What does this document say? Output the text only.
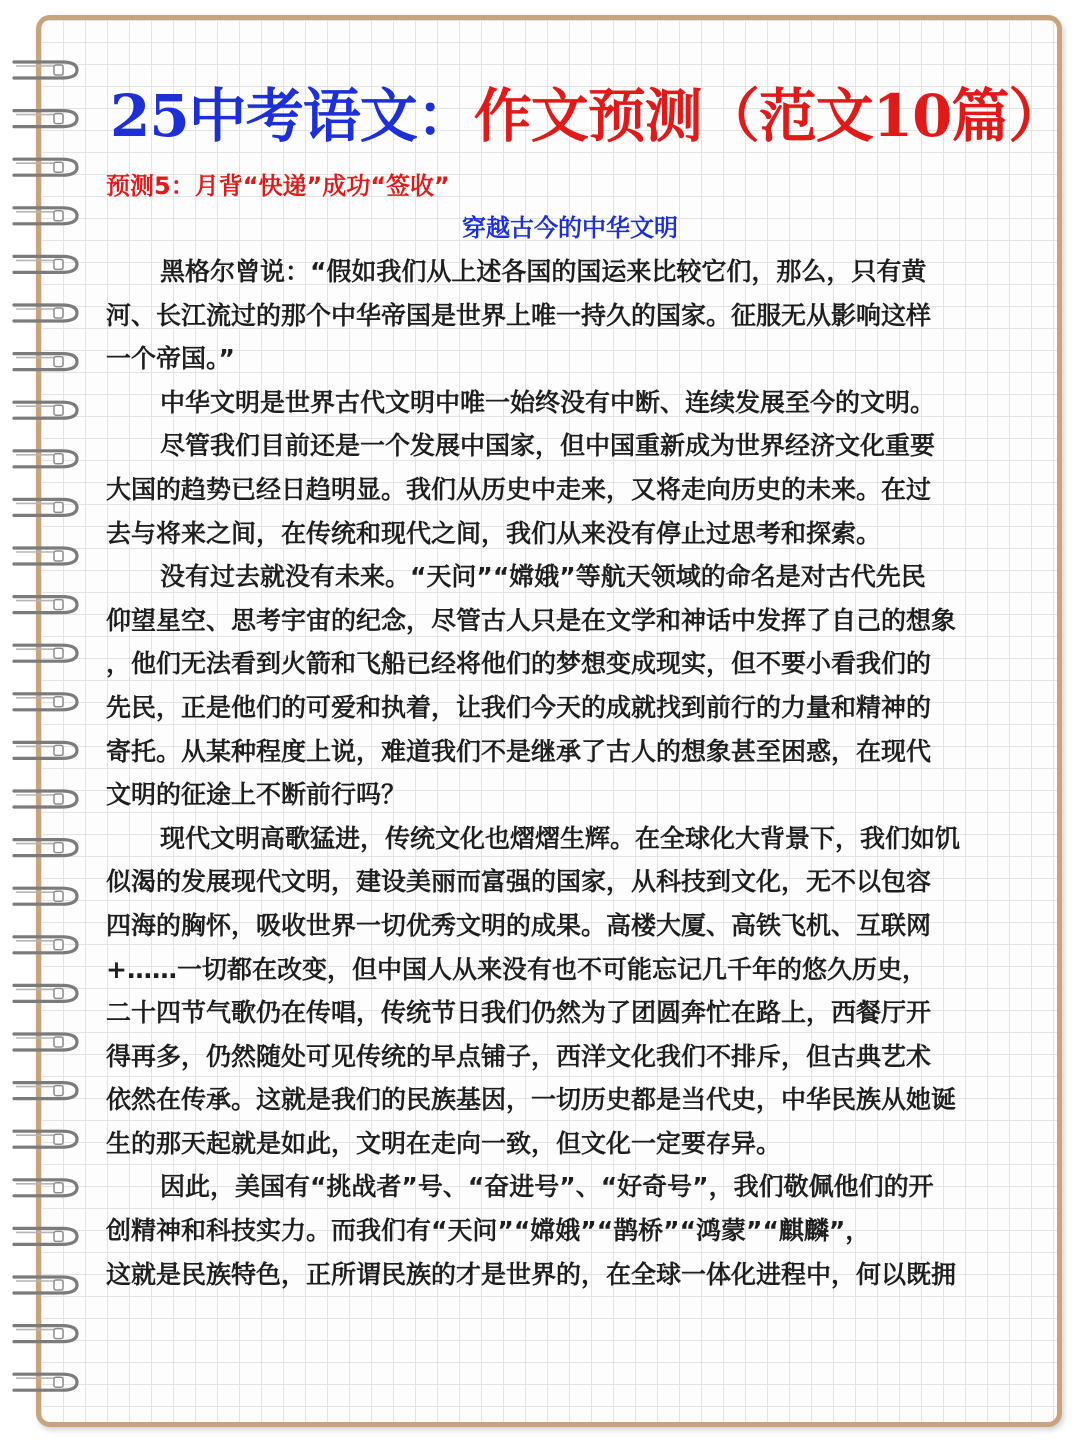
25中考语文：作文预测（范文10篇）
预测5：月背“快递”成功“签收”
穿越古今的中华文明
黑格尔曾说：“假如我们从上述各国的国运来比较它们，那么，只有黄
河、长江流过的那个中华帝国是世界上唯一持久的国家。征服无从影响这样
一个帝国。”
中华文明是世界古代文明中唯一始终没有中断、连续发展至今的文明。
尽管我们目前还是一个发展中国家，但中国重新成为世界经济文化重要
大国的趋势已经日趋明显。我们从历史中走来，又将走向历史的未来。在过
去与将来之间，在传统和现代之间，我们从来没有停止过思考和探索。
没有过去就没有未来。“天问”“嫦娥”等航天领域的命名是对古代先民
仰望星空、思考宇宙的纪念，尽管古人只是在文学和神话中发挥了自己的想象
，他们无法看到火箭和飞船已经将他们的梦想变成现实，但不要小看我们的
先民，正是他们的可爱和执着，让我们今天的成就找到前行的力量和精神的
寄托。从某种程度上说，难道我们不是继承了古人的想象甚至困惑，在现代
文明的征途上不断前行吗？
现代文明高歌猛进，传统文化也熠熠生辉。在全球化大背景下，我们如饥
似渴的发展现代文明，建设美丽而富强的国家，从科技到文化，无不以包容
四海的胸怀，吸收世界一切优秀文明的成果。高楼大厦、高铁飞机、互联网
+……一切都在改变，但中国人从来没有也不可能忘记几千年的悠久历史，
二十四节气歌仍在传唱，传统节日我们仍然为了团圆奔忙在路上，西餐厅开
得再多，仍然随处可见传统的早点铺子，西洋文化我们不排斥，但古典艺术
依然在传承。这就是我们的民族基因，一切历史都是当代史，中华民族从她诞
生的那天起就是如此，文明在走向一致，但文化一定要存异。
因此，美国有“挑战者”号、“奋进号”、“好奇号”，我们敬佩他们的开
创精神和科技实力。而我们有“天问”“嫦娥”“鹊桥”“鸿蒙”“麒麟”，
这就是民族特色，正所谓民族的才是世界的，在全球一体化进程中，何以既拥
